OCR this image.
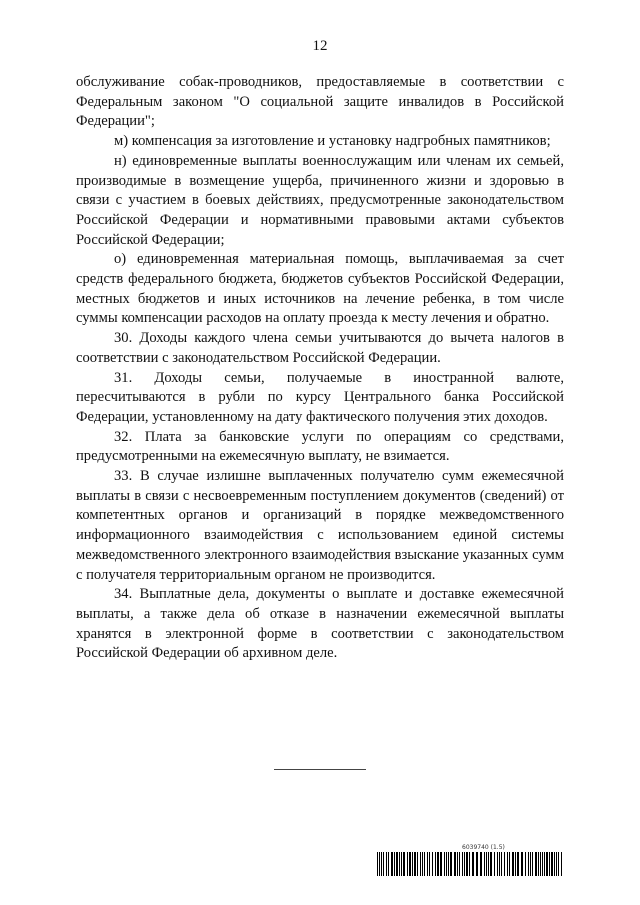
12

обслуживание собак-проводников, предоставляемые в соответствии с Федеральным законом "О социальной защите инвалидов в Российской Федерации";

м) компенсация за изготовление и установку надгробных памятников;

н) единовременные выплаты военнослужащим или членам их семьей, производимые в возмещение ущерба, причиненного жизни и здоровью в связи с участием в боевых действиях, предусмотренные законодательством Российской Федерации и нормативными правовыми актами субъектов Российской Федерации;

о) единовременная материальная помощь, выплачиваемая за счет средств федерального бюджета, бюджетов субъектов Российской Федерации, местных бюджетов и иных источников на лечение ребенка, в том числе суммы компенсации расходов на оплату проезда к месту лечения и обратно.

30. Доходы каждого члена семьи учитываются до вычета налогов в соответствии с законодательством Российской Федерации.

31. Доходы семьи, получаемые в иностранной валюте, пересчитываются в рубли по курсу Центрального банка Российской Федерации, установленному на дату фактического получения этих доходов.

32. Плата за банковские услуги по операциям со средствами, предусмотренными на ежемесячную выплату, не взимается.

33. В случае излишне выплаченных получателю сумм ежемесячной выплаты в связи с несвоевременным поступлением документов (сведений) от компетентных органов и организаций в порядке межведомственного информационного взаимодействия с использованием единой системы межведомственного электронного взаимодействия взыскание указанных сумм с получателя территориальным органом не производится.

34. Выплатные дела, документы о выплате и доставке ежемесячной выплаты, а также дела об отказе в назначении ежемесячной выплаты хранятся в электронной форме в соответствии с законодательством Российской Федерации об архивном деле.

6039740 (1.5)
